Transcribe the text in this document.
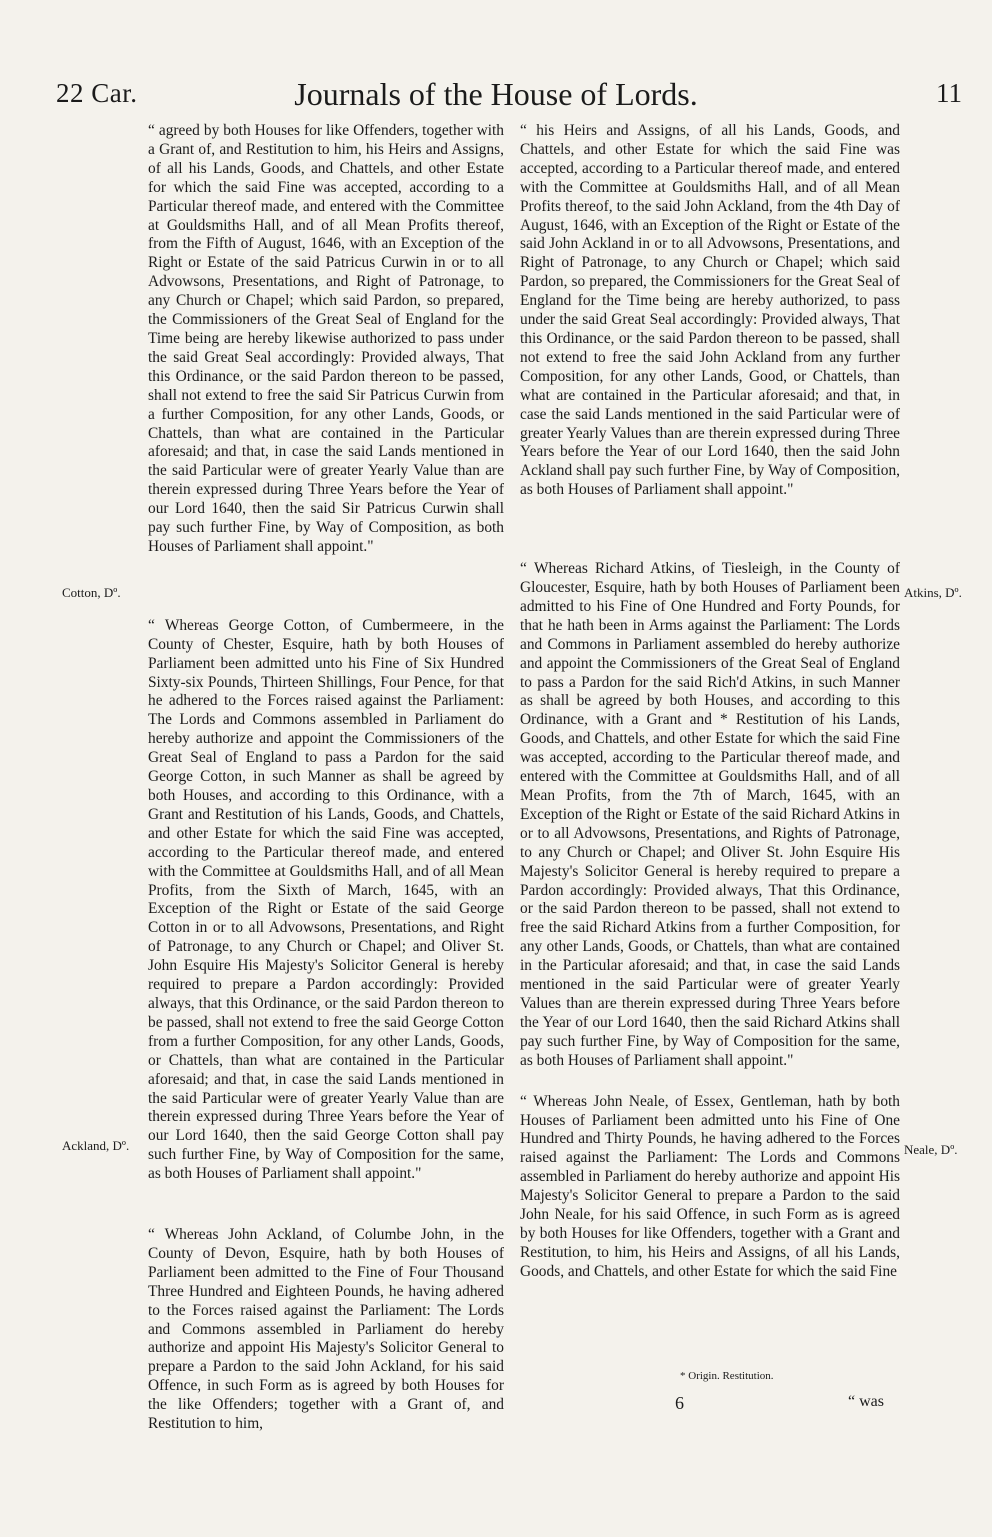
22 Car.	Journals of the House of Lords.	11

“ agreed by both Houses for like Offenders, together with a Grant of, and Restitution to him, his Heirs and Assigns, of all his Lands, Goods, and Chattels, and other Estate for which the said Fine was accepted, according to a Particular thereof made, and entered with the Committee at Gouldsmiths Hall, and of all Mean Profits thereof, from the Fifth of August, 1646, with an Exception of the Right or Estate of the said Patricus Curwin in or to all Advowsons, Presentations, and Right of Patronage, to any Church or Chapel; which said Pardon, so prepared, the Commissioners of the Great Seal of England for the Time being are hereby likewise authorized to pass under the said Great Seal accordingly: Provided always, That this Ordinance, or the said Pardon thereon to be passed, shall not extend to free the said Sir Patricus Curwin from a further Composition, for any other Lands, Goods, or Chattels, than what are contained in the Particular aforesaid; and that, in case the said Lands mentioned in the said Particular were of greater Yearly Value than are therein expressed during Three Years before the Year of our Lord 1640, then the said Sir Patricus Curwin shall pay such further Fine, by Way of Composition, as both Houses of Parliament shall appoint."

“ Whereas George Cotton, of Cumbermeere, in the County of Chester, Esquire, hath by both Houses of Parliament been admitted unto his Fine of Six Hundred Sixty-six Pounds, Thirteen Shillings, Four Pence, for that he adhered to the Forces raised against the Parliament: The Lords and Commons assembled in Parliament do hereby authorize and appoint the Commissioners of the Great Seal of England to pass a Pardon for the said George Cotton, in such Manner as shall be agreed by both Houses, and according to this Ordinance, with a Grant and Restitution of his Lands, Goods, and Chattels, and other Estate for which the said Fine was accepted, according to the Particular thereof made, and entered with the Committee at Gouldsmiths Hall, and of all Mean Profits, from the Sixth of March, 1645, with an Exception of the Right or Estate of the said George Cotton in or to all Advowsons, Presentations, and Right of Patronage, to any Church or Chapel; and Oliver St. John Esquire His Majesty's Solicitor General is hereby required to prepare a Pardon accordingly: Provided always, that this Ordinance, or the said Pardon thereon to be passed, shall not extend to free the said George Cotton from a further Composition, for any other Lands, Goods, or Chattels, than what are contained in the Particular aforesaid; and that, in case the said Lands mentioned in the said Particular were of greater Yearly Value than are therein expressed during Three Years before the Year of our Lord 1640, then the said George Cotton shall pay such further Fine, by Way of Composition for the same, as both Houses of Parliament shall appoint."

“ Whereas John Ackland, of Columbe John, in the County of Devon, Esquire, hath by both Houses of Parliament been admitted to the Fine of Four Thousand Three Hundred and Eighteen Pounds, he having adhered to the Forces raised against the Parliament: The Lords and Commons assembled in Parliament do hereby authorize and appoint His Majesty's Solicitor General to prepare a Pardon to the said John Ackland, for his said Offence, in such Form as is agreed by both Houses for the like Offenders; together with a Grant of, and Restitution to him,

“ his Heirs and Assigns, of all his Lands, Goods, and Chattels, and other Estate for which the said Fine was accepted, according to a Particular thereof made, and entered with the Committee at Gouldsmiths Hall, and of all Mean Profits thereof, to the said John Ackland, from the 4th Day of August, 1646, with an Exception of the Right or Estate of the said John Ackland in or to all Advowsons, Presentations, and Right of Patronage, to any Church or Chapel; which said Pardon, so prepared, the Commissioners for the Great Seal of England for the Time being are hereby authorized, to pass under the said Great Seal accordingly: Provided always, That this Ordinance, or the said Pardon thereon to be passed, shall not extend to free the said John Ackland from any further Composition, for any other Lands, Good, or Chattels, than what are contained in the Particular aforesaid; and that, in case the said Lands mentioned in the said Particular were of greater Yearly Values than are therein expressed during Three Years before the Year of our Lord 1640, then the said John Ackland shall pay such further Fine, by Way of Composition, as both Houses of Parliament shall appoint."

“ Whereas Richard Atkins, of Tiesleigh, in the County of Gloucester, Esquire, hath by both Houses of Parliament been admitted to his Fine of One Hundred and Forty Pounds, for that he hath been in Arms against the Parliament: The Lords and Commons in Parliament assembled do hereby authorize and appoint the Commissioners of the Great Seal of England to pass a Pardon for the said Rich'd Atkins, in such Manner as shall be agreed by both Houses, and according to this Ordinance, with a Grant and * Restitution of his Lands, Goods, and Chattels, and other Estate for which the said Fine was accepted, according to the Particular thereof made, and entered with the Committee at Gouldsmiths Hall, and of all Mean Profits, from the 7th of March, 1645, with an Exception of the Right or Estate of the said Richard Atkins in or to all Advowsons, Presentations, and Rights of Patronage, to any Church or Chapel; and Oliver St. John Esquire His Majesty's Solicitor General is hereby required to prepare a Pardon accordingly: Provided always, That this Ordinance, or the said Pardon thereon to be passed, shall not extend to free the said Richard Atkins from a further Composition, for any other Lands, Goods, or Chattels, than what are contained in the Particular aforesaid; and that, in case the said Lands mentioned in the said Particular were of greater Yearly Values than are therein expressed during Three Years before the Year of our Lord 1640, then the said Richard Atkins shall pay such further Fine, by Way of Composition for the same, as both Houses of Parliament shall appoint."

“ Whereas John Neale, of Essex, Gentleman, hath by both Houses of Parliament been admitted unto his Fine of One Hundred and Thirty Pounds, he having adhered to the Forces raised against the Parliament: The Lords and Commons assembled in Parliament do hereby authorize and appoint His Majesty's Solicitor General to prepare a Pardon to the said John Neale, for his said Offence, in such Form as is agreed by both Houses for like Offenders, together with a Grant and Restitution, to him, his Heirs and Assigns, of all his Lands, Goods, and Chattels, and other Estate for which the said Fine

Cotton, Dº.
Ackland, Dº.
Atkins, Dº.
Neale, Dº.
* Origin. Restitution.
6	“ was
